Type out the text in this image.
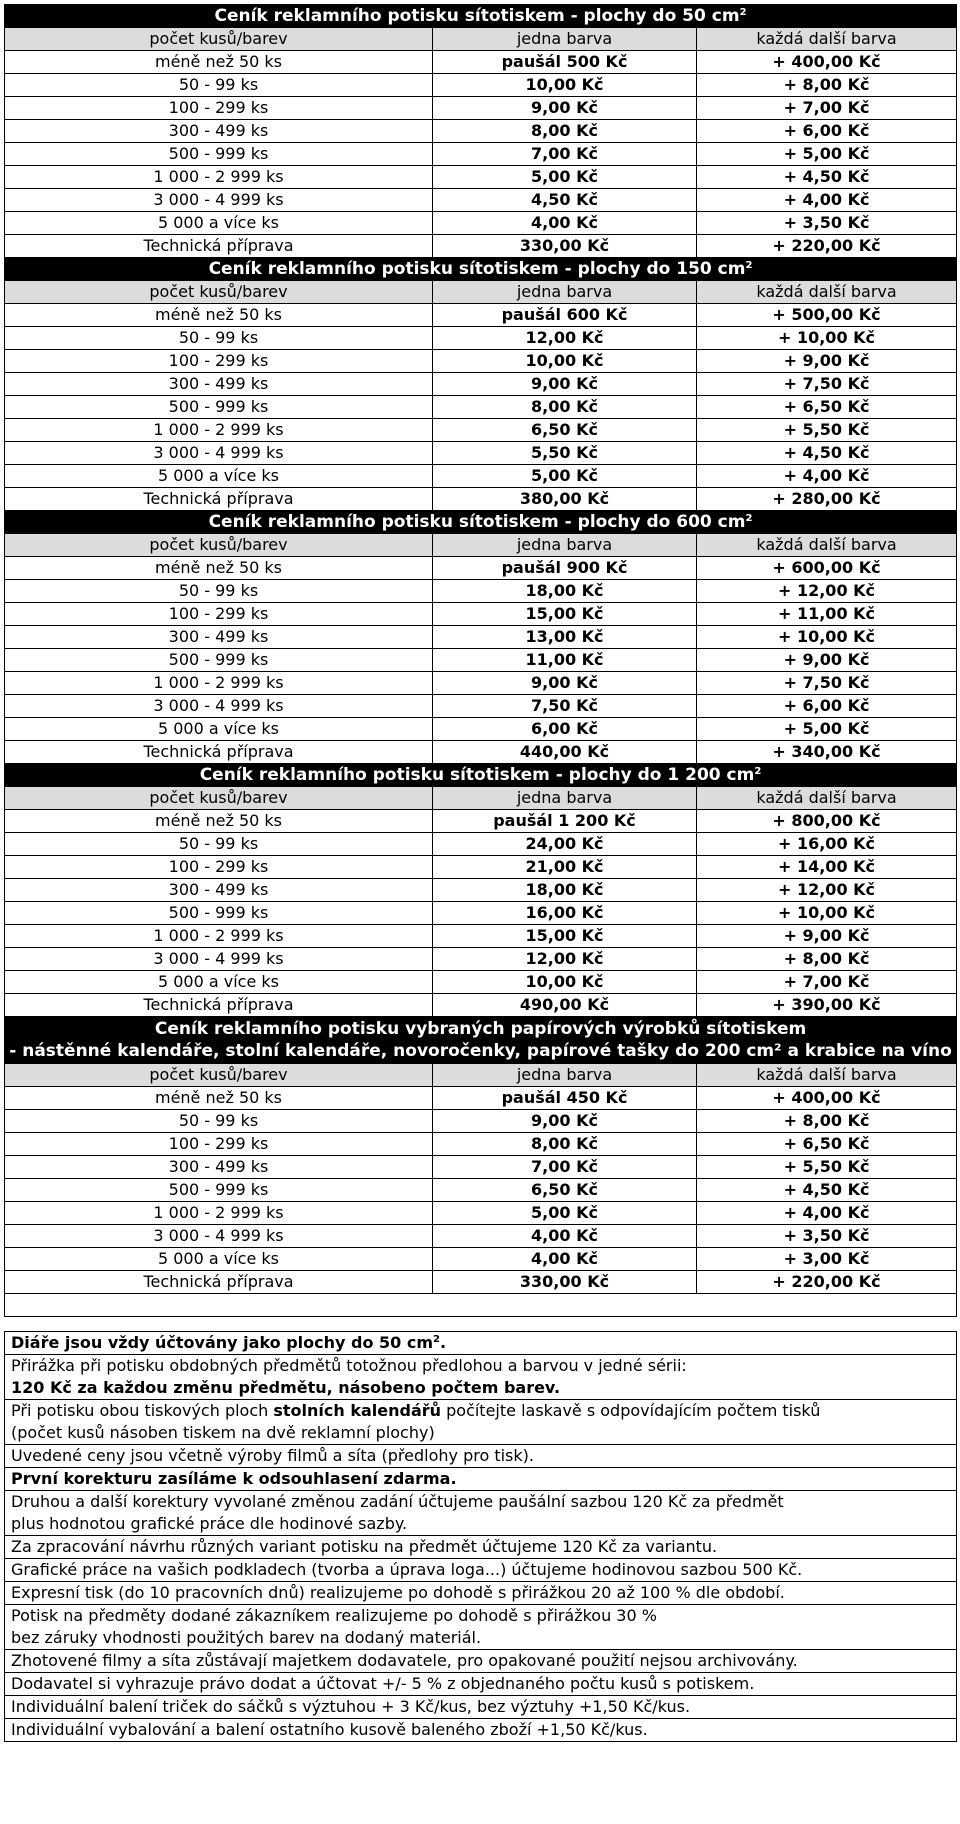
Ceník reklamního potisku sítotiskem - plochy do 50 $cm^2$
počet kusů/barev	jedna barva	každá další barva
méně než 50 ks	paušál 500 Kč	+ 400,00 Kč
50 - 99 ks	10,00 Kč	+ 8,00 Kč
100 - 299 ks	9,00 Kč	+ 7,00 Kč
300 - 499 ks	8,00 Kč	+ 6,00 Kč
500 - 999 ks	7,00 Kč	+ 5,00 Kč
1 000 - 2 999 ks	5,00 Kč	+ 4,50 Kč
3 000 - 4 999 ks	4,50 Kč	+ 4,00 Kč
5 000 a více ks	4,00 Kč	+ 3,50 Kč
Technická příprava	330,00 Kč	+ 220,00 Kč
Ceník reklamního potisku sítotiskem - plochy do 150 $cm^2$
počet kusů/barev	jedna barva	každá další barva
méně než 50 ks	paušál 600 Kč	+ 500,00 Kč
50 - 99 ks	12,00 Kč	+ 10,00 Kč
100 - 299 ks	10,00 Kč	+ 9,00 Kč
300 - 499 ks	9,00 Kč	+ 7,50 Kč
500 - 999 ks	8,00 Kč	+ 6,50 Kč
1 000 - 2 999 ks	6,50 Kč	+ 5,50 Kč
3 000 - 4 999 ks	5,50 Kč	+ 4,50 Kč
5 000 a více ks	5,00 Kč	+ 4,00 Kč
Technická příprava	380,00 Kč	+ 280,00 Kč
Ceník reklamního potisku sítotiskem - plochy do 600 $cm^2$
počet kusů/barev	jedna barva	každá další barva
méně než 50 ks	paušál 900 Kč	+ 600,00 Kč
50 - 99 ks	18,00 Kč	+ 12,00 Kč
100 - 299 ks	15,00 Kč	+ 11,00 Kč
300 - 499 ks	13,00 Kč	+ 10,00 Kč
500 - 999 ks	11,00 Kč	+ 9,00 Kč
1 000 - 2 999 ks	9,00 Kč	+ 7,50 Kč
3 000 - 4 999 ks	7,50 Kč	+ 6,00 Kč
5 000 a více ks	6,00 Kč	+ 5,00 Kč
Technická příprava	440,00 Kč	+ 340,00 Kč
Ceník reklamního potisku sítotiskem - plochy do 1 200 $cm^2$
počet kusů/barev	jedna barva	každá další barva
méně než 50 ks	paušál 1 200 Kč	+ 800,00 Kč
50 - 99 ks	24,00 Kč	+ 16,00 Kč
100 - 299 ks	21,00 Kč	+ 14,00 Kč
300 - 499 ks	18,00 Kč	+ 12,00 Kč
500 - 999 ks	16,00 Kč	+ 10,00 Kč
1 000 - 2 999 ks	15,00 Kč	+ 9,00 Kč
3 000 - 4 999 ks	12,00 Kč	+ 8,00 Kč
5 000 a více ks	10,00 Kč	+ 7,00 Kč
Technická příprava	490,00 Kč	+ 390,00 Kč

Ceník reklamního potisku vybraných papírových výrobků sítotiskem
- nástěnné kalendáře, stolní kalendáře, novoročenky, papírové tašky do 200 cm² a krabice na víno		

počet kusů/barev	jedna barva	každá další barva
méně než 50 ks	paušál 450 Kč	+ 400,00 Kč
50 - 99 ks	9,00 Kč	+ 8,00 Kč
100 - 299 ks	8,00 Kč	+ 6,50 Kč
300 - 499 ks	7,00 Kč	+ 5,50 Kč
500 - 999 ks	6,50 Kč	+ 4,50 Kč
1 000 - 2 999 ks	5,00 Kč	+ 4,00 Kč
3 000 - 4 999 ks	4,00 Kč	+ 3,50 Kč
5 000 a více ks	4,00 Kč	+ 3,00 Kč
Technická příprava	330,00 Kč	+ 220,00 Kč

Diáře jsou vždy účtovány jako plochy do 50 $cm^2$.		

Přirážka při potisku obdobných předmětů totožnou předlohou a barvou v jedné sérii:
120 Kč za každou změnu předmětu, násobeno počtem barev.		

Při potisku obou tiskových ploch stolních kalendářů počítejte laskavě s odpovídajícím počtem tisků
(počet kusů násoben tiskem na dvě reklamní plochy)		

Uvedené ceny jsou včetně výroby filmů a síta (předlohy pro tisk).		
První korekturu zasíláme k odsouhlasení zdarma.		

Druhou a další korektury vyvolané změnou zadání účtujeme paušální sazbou 120 Kč za předmět
plus hodnotou grafické práce dle hodinové sazby.		

Za zpracování návrhu různých variant potisku na předmět účtujeme 120 Kč za variantu.		
Grafické práce na vašich podkladech (tvorba a úprava loga...) účtujeme hodinovou sazbou 500 Kč.		
Expresní tisk (do 10 pracovních dnů) realizujeme po dohodě s přirážkou 20 až 100 % dle období.		

Potisk na předměty dodané zákazníkem realizujeme po dohodě s přirážkou 30 %
bez záruky vhodnosti použitých barev na dodaný materiál.		

Zhotovené filmy a síta zůstávají majetkem dodavatele, pro opakované použití nejsou archivovány.		
Dodavatel si vyhrazuje právo dodat a účtovat +/- 5 % z objednaného počtu kusů s potiskem.		
Individuální balení triček do sáčků s výztuhou + 3 Kč/kus, bez výztuhy +1,50 Kč/kus.		
Individuální vybalování a balení ostatního kusově baleného zboží +1,50 Kč/kus.		
